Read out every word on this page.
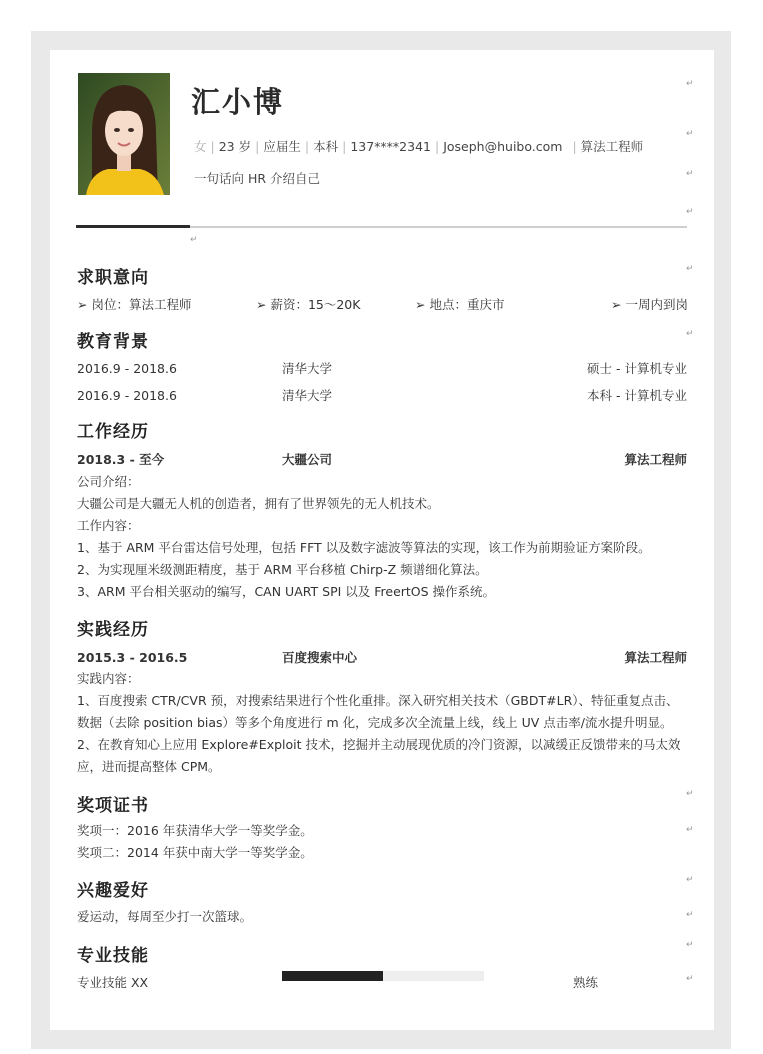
汇小博
女 | 23 岁 | 应届生 | 本科 | 137****2341 | Joseph@huibo.com | 算法工程师
一句话向 HR 介绍自己
↵
↵
↵
↵
↵
↵
↵
↵
↵
↵
↵
↵
↵
求职意向
➢ 岗位：算法工程师	➢ 薪资：15～20K	➢ 地点：重庆市	➢ 一周内到岗
教育背景
2016.9 - 2018.6	清华大学	硕士 - 计算机专业
2016.9 - 2018.6	清华大学	本科 - 计算机专业
工作经历
2018.3 - 至今	大疆公司	算法工程师
公司介绍：
大疆公司是大疆无人机的创造者，拥有了世界领先的无人机技术。
工作内容：
1、基于 ARM 平台雷达信号处理，包括 FFT 以及数字滤波等算法的实现，该工作为前期验证方案阶段。
2、为实现厘米级测距精度，基于 ARM 平台移植 Chirp-Z 频谱细化算法。
3、ARM 平台相关驱动的编写，CAN UART SPI 以及 FreertOS 操作系统。
实践经历
2015.3 - 2016.5	百度搜索中心	算法工程师
实践内容：
1、百度搜索 CTR/CVR 预，对搜索结果进行个性化重排。深入研究相关技术（GBDT#LR）、特征重复点击、数据（去除 position bias）等多个角度进行 m 化，完成多次全流量上线，线上 UV 点击率/流水提升明显。
2、在教育知心上应用 Explore#Exploit 技术，挖掘并主动展现优质的冷门资源，以减缓正反馈带来的马太效应，进而提高整体 CPM。
奖项证书
奖项一：2016 年获清华大学一等奖学金。
奖项二：2014 年获中南大学一等奖学金。
兴趣爱好
爱运动，每周至少打一次篮球。
专业技能
专业技能 XX	熟练
